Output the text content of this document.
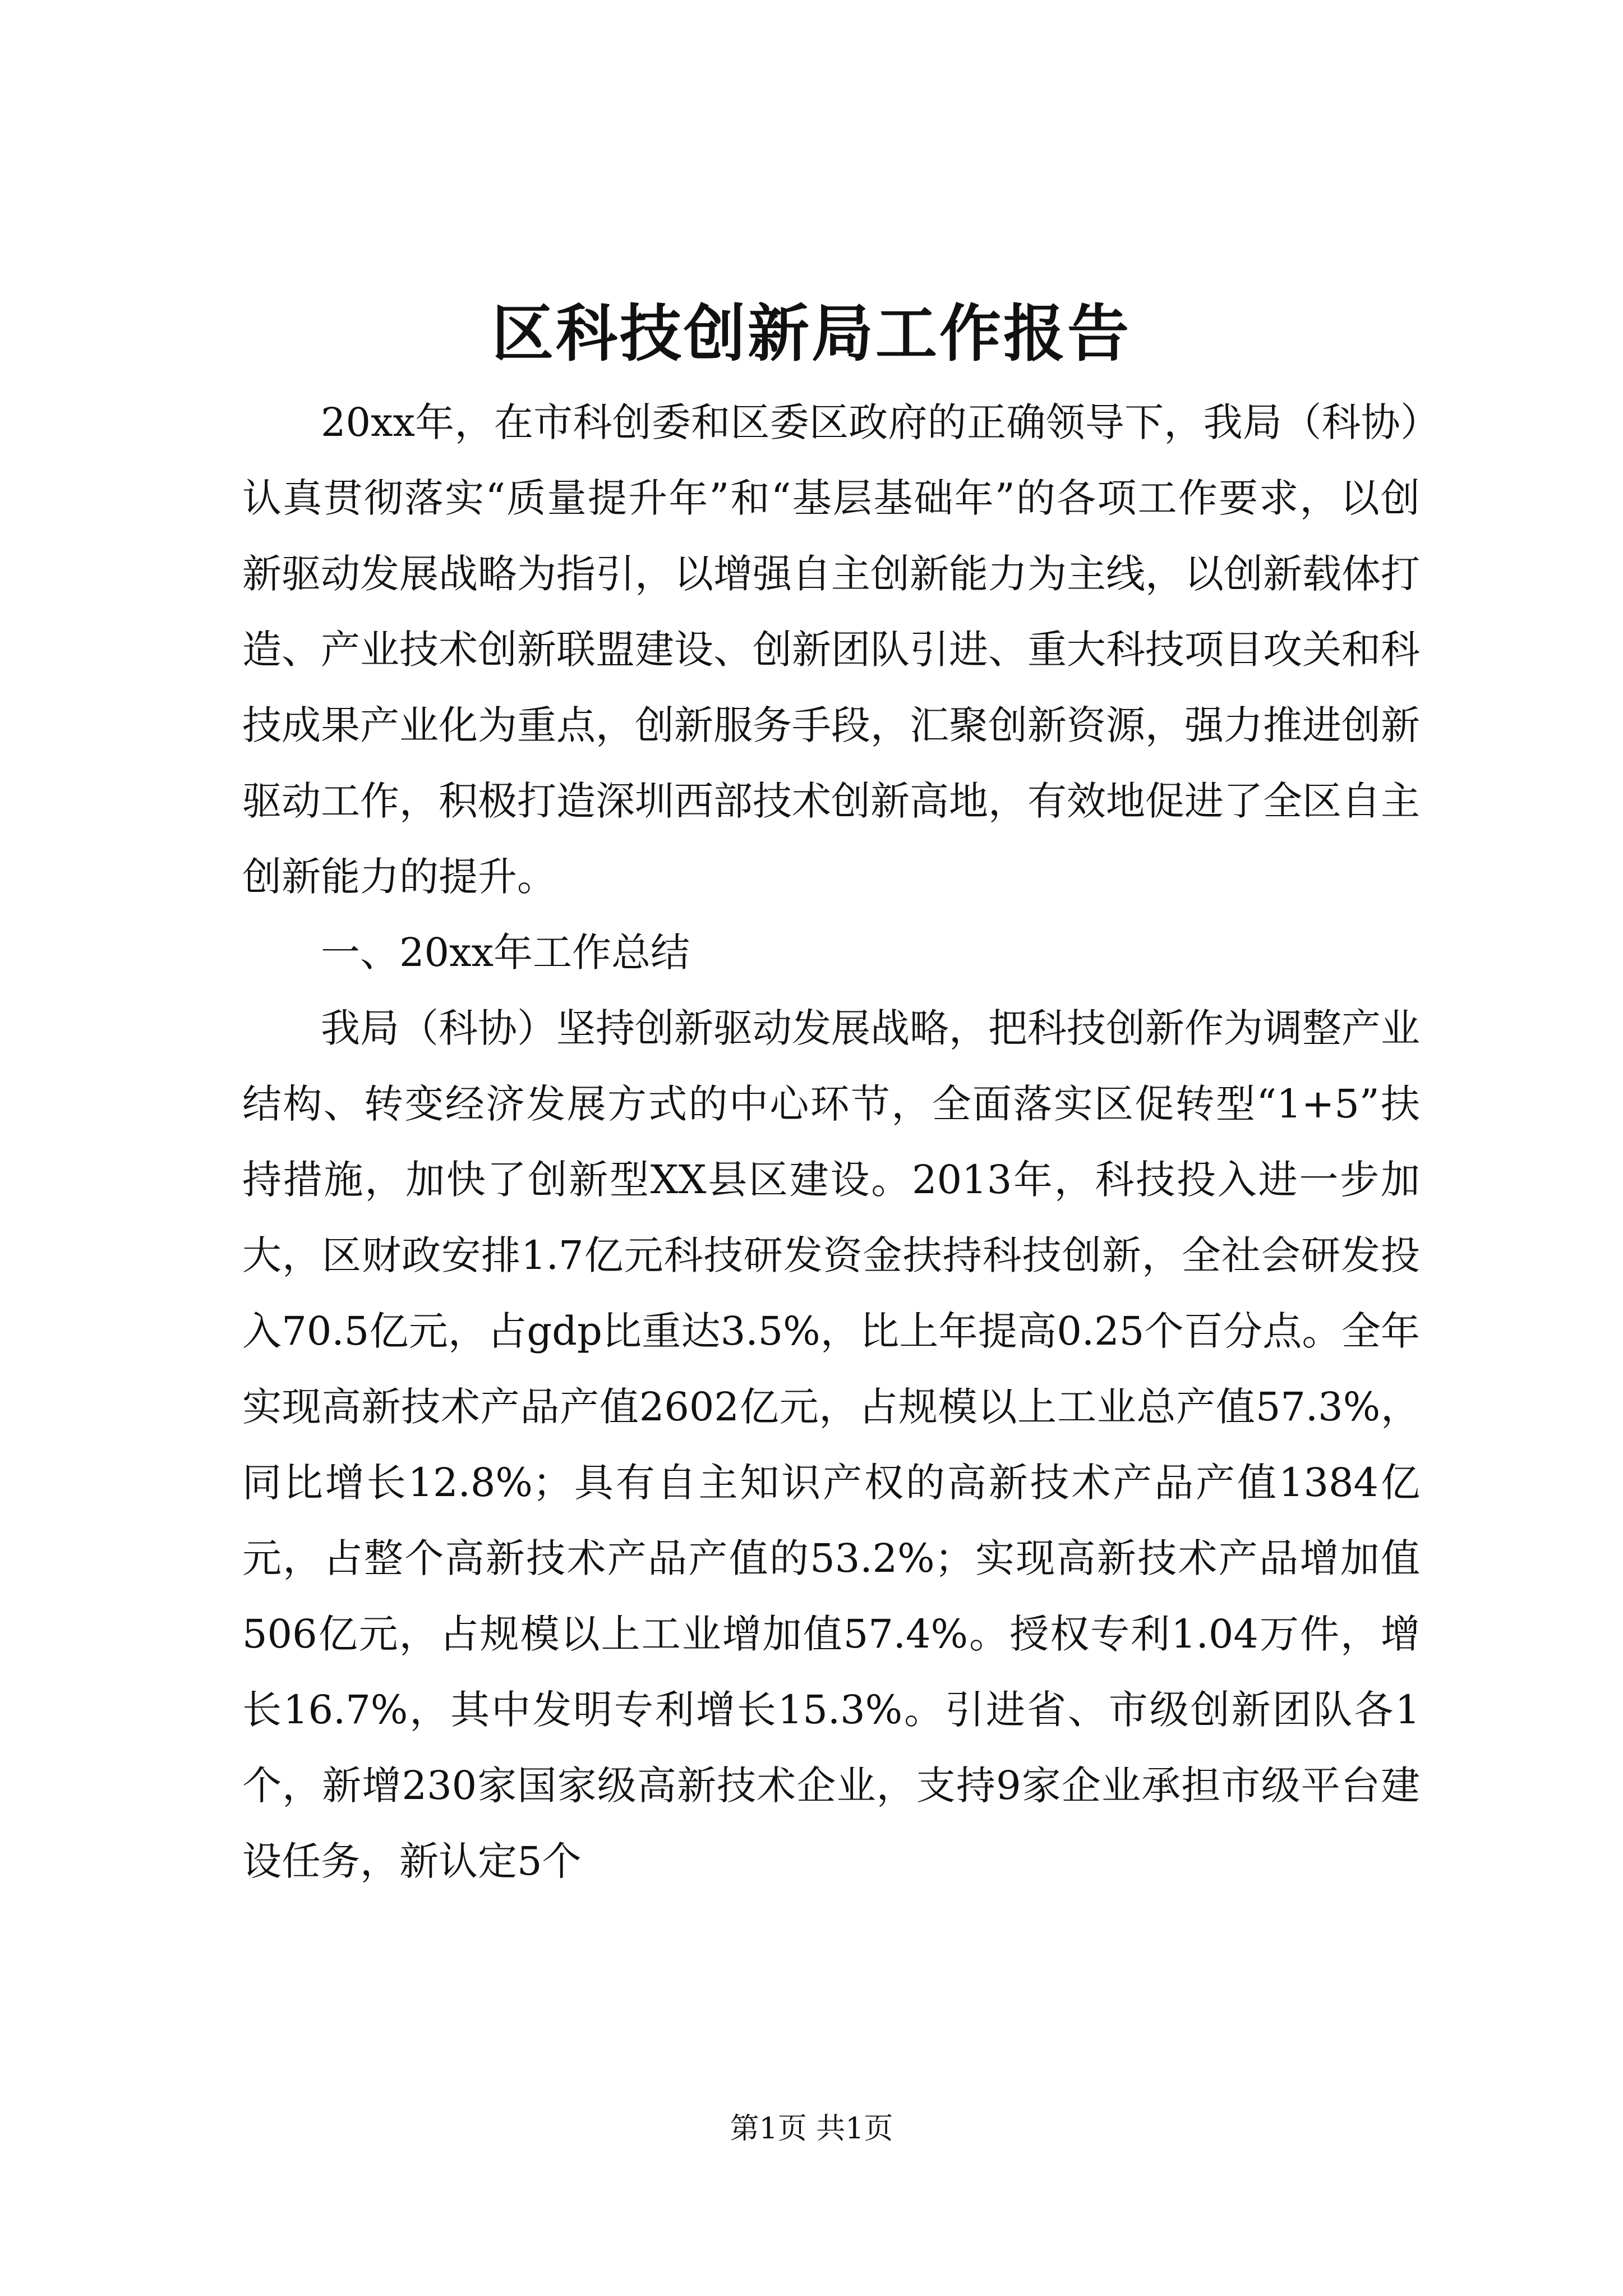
区科技创新局工作报告

20xx年，在市科创委和区委区政府的正确领导下，我局（科协）认真贯彻落实“质量提升年”和“基层基础年”的各项工作要求，以创新驱动发展战略为指引，以增强自主创新能力为主线，以创新载体打造、产业技术创新联盟建设、创新团队引进、重大科技项目攻关和科技成果产业化为重点，创新服务手段，汇聚创新资源，强力推进创新驱动工作，积极打造深圳西部技术创新高地，有效地促进了全区自主创新能力的提升。

一、20xx年工作总结

我局（科协）坚持创新驱动发展战略，把科技创新作为调整产业结构、转变经济发展方式的中心环节，全面落实区促转型“1+5”扶持措施，加快了创新型XX县区建设。2013年，科技投入进一步加大，区财政安排1.7亿元科技研发资金扶持科技创新，全社会研发投入70.5亿元，占gdp比重达3.5%，比上年提高0.25个百分点。全年实现高新技术产品产值2602亿元，占规模以上工业总产值57.3%，同比增长12.8%；具有自主知识产权的高新技术产品产值1384亿元，占整个高新技术产品产值的53.2%；实现高新技术产品增加值506亿元，占规模以上工业增加值57.4%。授权专利1.04万件，增长16.7%，其中发明专利增长15.3%。引进省、市级创新团队各1个，新增230家国家级高新技术企业，支持9家企业承担市级平台建设任务，新认定5个

第1页 共1页
